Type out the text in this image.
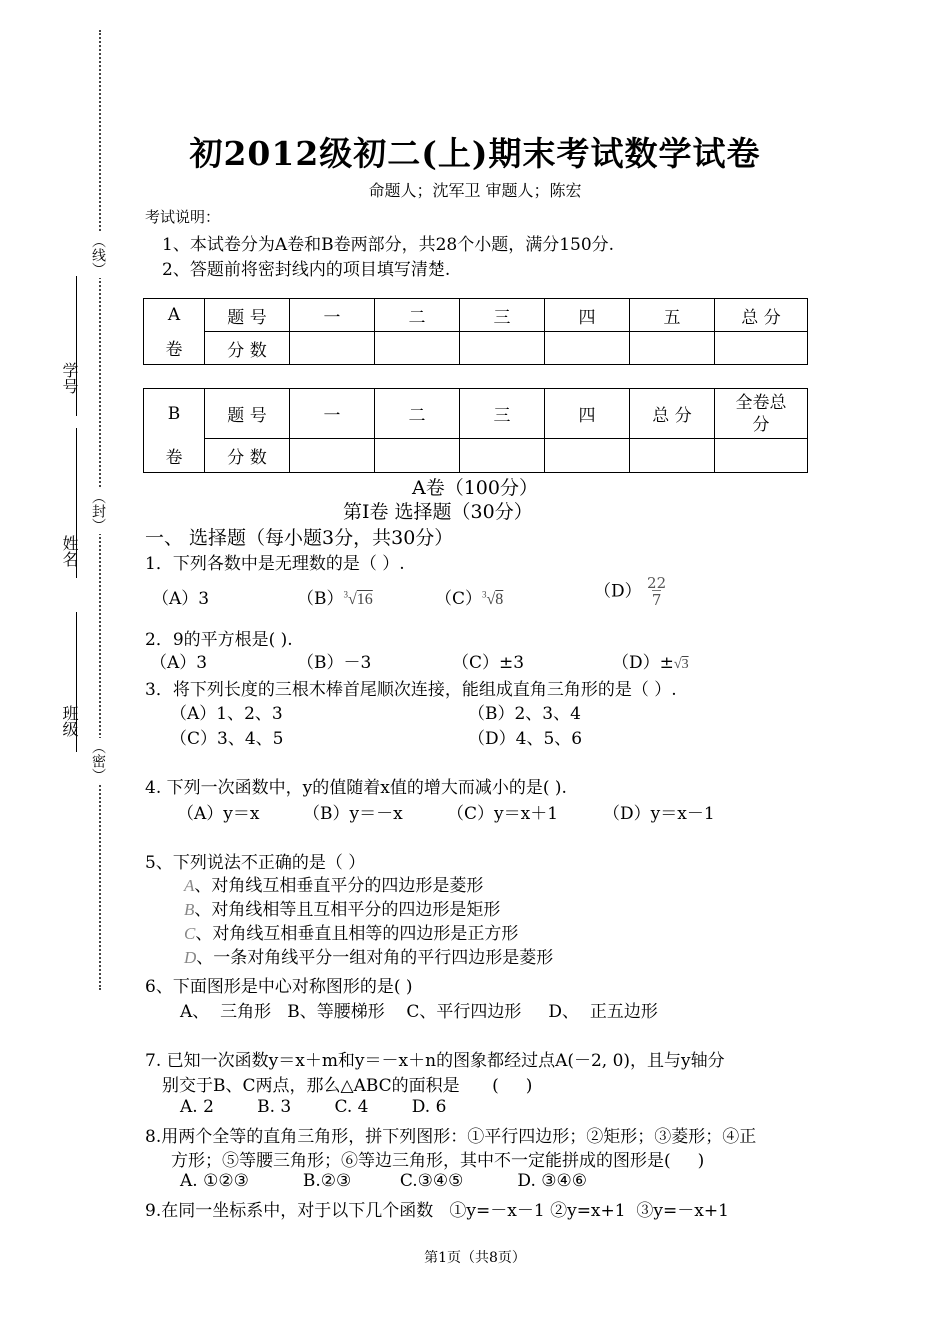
（线）
（封）
（密）
学号
姓名
班级
初2012级初二(上)期末考试数学试卷
命题人；沈军卫 审题人；陈宏
考试说明：
1、本试卷分为A卷和B卷两部分，共28个小题，满分150分.
2、答题前将密封线内的项目填写清楚.
A	题 号	一	二	三	四	五	总 分
卷	分 数						
B	题 号	一	二	三	四	总 分	全卷总
分
卷	分 数						
A卷（100分）
第Ⅰ卷 选择题（30分）
一、 选择题（每小题3分，共30分）
1．下列各数中是无理数的是（ ）.
（A）3	$(B)^3√16$	$(C)^3√8$	$(D) \frac{22}{7}$
2．9的平方根是( ).
（A）3	（B）－3	（C）±3	（D）±√3
3．将下列长度的三根木棒首尾顺次连接，能组成直角三角形的是（ ）.
（A）1、2、3	（B）2、3、4
（C）3、4、5	（D）4、5、6
4. 下列一次函数中，y的值随着x值的增大而减小的是( ).
（A）y＝x	（B）y＝－x	（C）y＝x＋1	（D）y＝x－1
5、下列说法不正确的是（ ）
A、对角线互相垂直平分的四边形是菱形
B、对角线相等且互相平分的四边形是矩形
C、对角线互相垂直且相等的四边形是正方形
D、一条对角线平分一组对角的平行四边形是菱形
6、下面图形是中心对称图形的是( )
A、  三角形   B、等腰梯形    C、平行四边形     D、  正五边形
7. 已知一次函数y＝x＋m和y＝－x＋n的图象都经过点A(－2, 0)，且与y轴分
别交于B、C两点，那么△ABC的面积是      (     )
A. 2        B. 3        C. 4        D. 6
8.用两个全等的直角三角形，拼下列图形：①平行四边形；②矩形；③菱形；④正
方形；⑤等腰三角形；⑥等边三角形，其中不一定能拼成的图形是(     )
A. ①②③          B.②③         C.③④⑤          D. ③④⑥
9.在同一坐标系中，对于以下几个函数   ①y=－x－1 ②y=x+1  ③y=－x+1
第1页（共8页）
